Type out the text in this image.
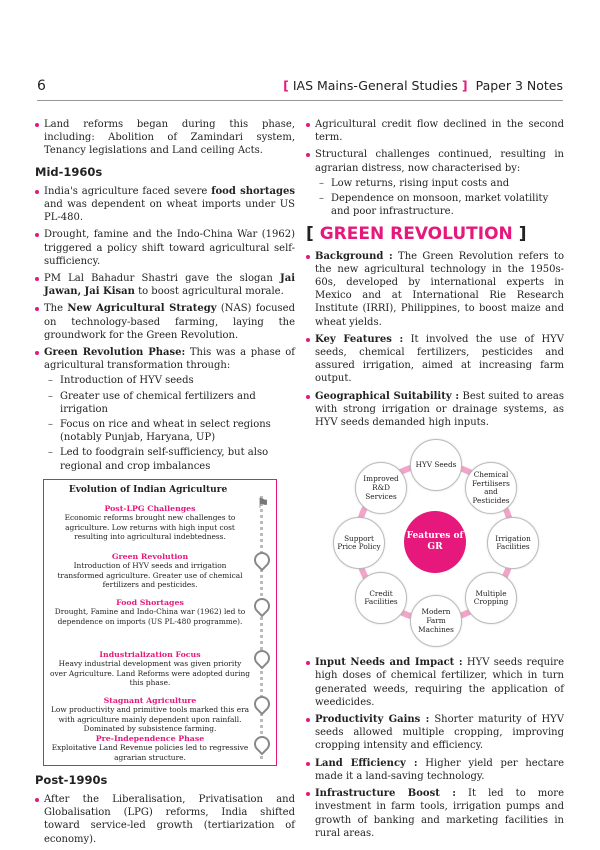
6	[ IAS Mains-General Studies ] Paper 3 Notes
Land reforms began during this phase, including: Abolition of Zamindari system, Tenancy legislations and Land ceiling Acts.
Mid-1960s
India's agriculture faced severe food shortages and was dependent on wheat imports under US PL-480.
Drought, famine and the Indo-China War (1962) triggered a policy shift toward agricultural self-sufficiency.
PM Lal Bahadur Shastri gave the slogan Jai Jawan, Jai Kisan to boost agricultural morale.
The New Agricultural Strategy (NAS) focused on technology-based farming, laying the groundwork for the Green Revolution.
Green Revolution Phase: This was a phase of agricultural transformation through:
– Introduction of HYV seeds
– Greater use of chemical fertilizers and irrigation
– Focus on rice and wheat in select regions (notably Punjab, Haryana, UP)
– Led to foodgrain self-sufficiency, but also regional and crop imbalances
Evolution of Indian Agriculture
⚑
Post-LPG Challenges
Economic reforms brought new challenges to agriculture. Low returns with high input cost resulting into agricultural indebtedness.
Green Revolution
Introduction of HYV seeds and irrigation transformed agriculture. Greater use of chemical fertilizers and pesticides.
Food Shortages
Drought, Famine and Indo-China war (1962) led to dependence on imports (US PL-480 programme).
Industrialization Focus
Heavy industrial development was given priority over Agriculture. Land Reforms were adopted during this phase.
Stagnant Agriculture
Low productivity and primitive tools marked this era with agriculture mainly dependent upon rainfall. Dominated by subsistence farming.
Pre-Independence Phase
Exploitative Land Revenue policies led to regressive agrarian structure.
Post-1990s
After the Liberalisation, Privatisation and Globalisation (LPG) reforms, India shifted toward service-led growth (tertiarization of economy).
Agricultural credit flow declined in the second term.
Structural challenges continued, resulting in agrarian distress, now characterised by:
– Low returns, rising input costs and
– Dependence on monsoon, market volatility and poor infrastructure.
[ GREEN REVOLUTION ]
Background : The Green Revolution refers to the new agricultural technology in the 1950s-60s, developed by international experts in Mexico and at International Rie Research Institute (IRRI), Philippines, to boost maize and wheat yields.
Key Features : It involved the use of HYV seeds, chemical fertilizers, pesticides and assured irrigation, aimed at increasing farm output.
Geographical Suitability : Best suited to areas with strong irrigation or drainage systems, as HYV seeds demanded high inputs.
Features of GR
HYV Seeds
Chemical Fertilisers and Pesticides
Irrigation Facilities
Multiple Cropping
Modern Farm Machines
Credit Facilities
Support Price Policy
Improved R&D Services
Input Needs and Impact : HYV seeds require high doses of chemical fertilizer, which in turn generated weeds, requiring the application of weedicides.
Productivity Gains : Shorter maturity of HYV seeds allowed multiple cropping, improving cropping intensity and efficiency.
Land Efficiency : Higher yield per hectare made it a land-saving technology.
Infrastructure Boost : It led to more investment in farm tools, irrigation pumps and growth of banking and marketing facilities in rural areas.
